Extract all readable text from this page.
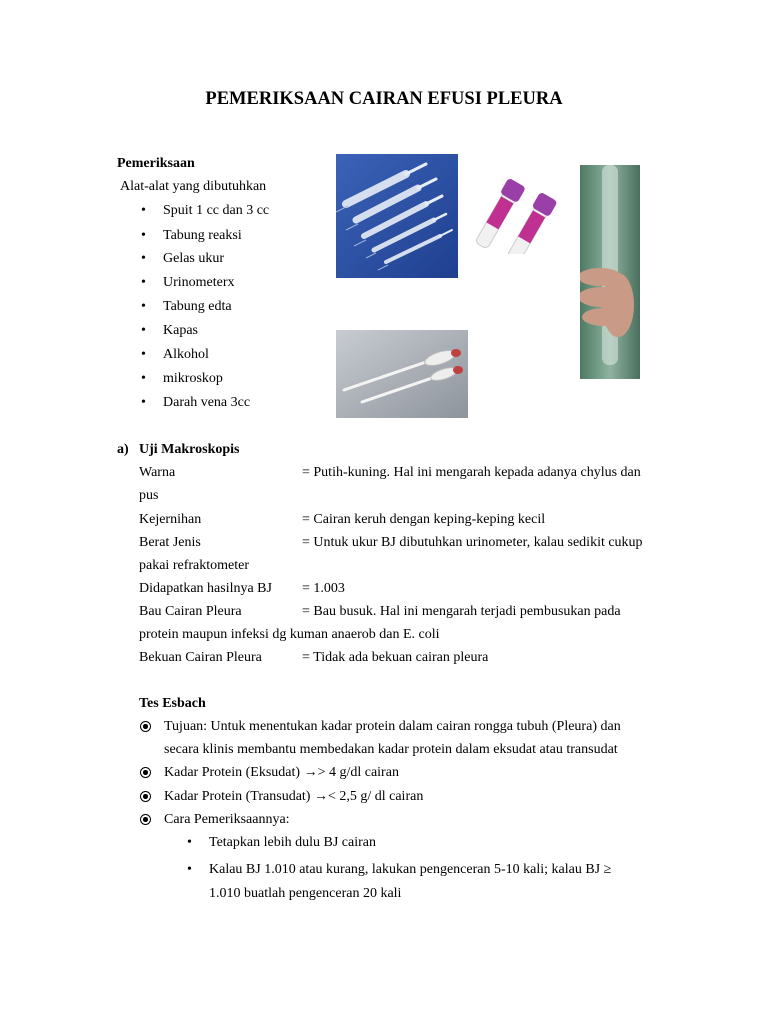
PEMERIKSAAN CAIRAN EFUSI PLEURA
Pemeriksaan
Alat-alat yang dibutuhkan
• Spuit 1 cc dan 3 cc
• Tabung reaksi
• Gelas ukur
• Urinometerx
• Tabung edta
• Kapas
• Alkohol
• mikroskop
• Darah vena 3cc
a) Uji Makroskopis
Warna	= Putih-kuning. Hal ini mengarah kepada adanya chylus dan
pus
Kejernihan	= Cairan keruh dengan keping-keping kecil
Berat Jenis	= Untuk ukur BJ dibutuhkan urinometer, kalau sedikit cukup
pakai refraktometer
Didapatkan hasilnya BJ = 1.003
Bau Cairan Pleura	= Bau busuk. Hal ini mengarah terjadi pembusukan pada
protein maupun infeksi dg kuman anaerob dan E. coli
Bekuan Cairan Pleura	= Tidak ada bekuan cairan pleura
Tes Esbach
Tujuan: Untuk menentukan kadar protein dalam cairan rongga tubuh (Pleura) dan
secara klinis membantu membedakan kadar protein dalam eksudat atau transudat
Kadar Protein (Eksudat) →> 4 g/dl cairan
Kadar Protein (Transudat) →< 2,5 g/ dl cairan
Cara Pemeriksaannya:
• Tetapkan lebih dulu BJ cairan
• Kalau BJ 1.010 atau kurang, lakukan pengenceran 5-10 kali; kalau BJ ≥
1.010 buatlah pengenceran 20 kali
